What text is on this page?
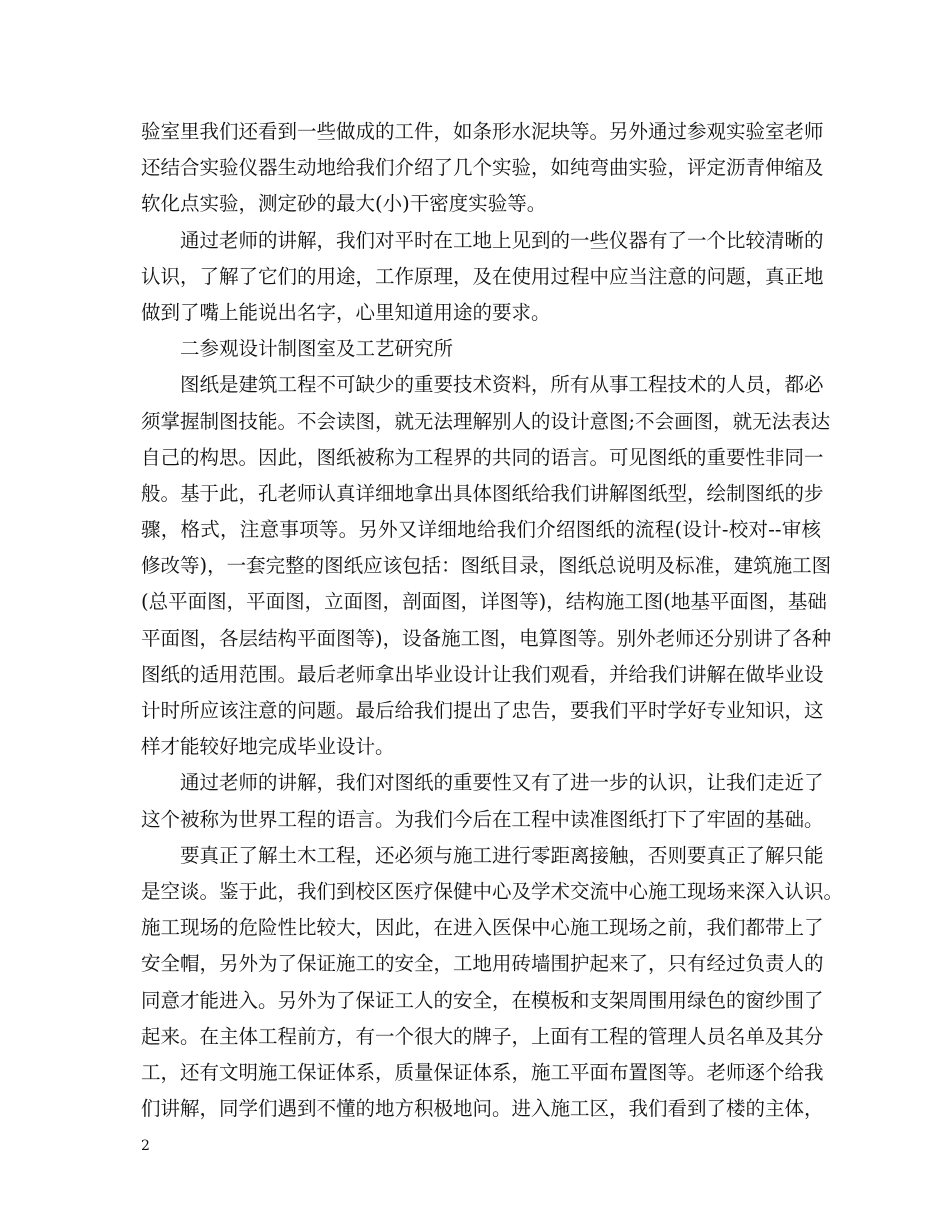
验室里我们还看到一些做成的工件，如条形水泥块等。另外通过参观实验室老师
还结合实验仪器生动地给我们介绍了几个实验，如纯弯曲实验，评定沥青伸缩及
软化点实验，测定砂的最大(小)干密度实验等。
通过老师的讲解，我们对平时在工地上见到的一些仪器有了一个比较清晰的
认识，了解了它们的用途，工作原理，及在使用过程中应当注意的问题，真正地
做到了嘴上能说出名字，心里知道用途的要求。
二参观设计制图室及工艺研究所
图纸是建筑工程不可缺少的重要技术资料，所有从事工程技术的人员，都必
须掌握制图技能。不会读图，就无法理解别人的设计意图;不会画图，就无法表达
自己的构思。因此，图纸被称为工程界的共同的语言。可见图纸的重要性非同一
般。基于此，孔老师认真详细地拿出具体图纸给我们讲解图纸型，绘制图纸的步
骤，格式，注意事项等。另外又详细地给我们介绍图纸的流程(设计-校对--审核
修改等)，一套完整的图纸应该包括：图纸目录，图纸总说明及标准，建筑施工图
(总平面图，平面图，立面图，剖面图，详图等)，结构施工图(地基平面图，基础
平面图，各层结构平面图等)，设备施工图，电算图等。别外老师还分别讲了各种
图纸的适用范围。最后老师拿出毕业设计让我们观看，并给我们讲解在做毕业设
计时所应该注意的问题。最后给我们提出了忠告，要我们平时学好专业知识，这
样才能较好地完成毕业设计。
通过老师的讲解，我们对图纸的重要性又有了进一步的认识，让我们走近了
这个被称为世界工程的语言。为我们今后在工程中读准图纸打下了牢固的基础。
要真正了解土木工程，还必须与施工进行零距离接触，否则要真正了解只能
是空谈。鉴于此，我们到校区医疗保健中心及学术交流中心施工现场来深入认识。
施工现场的危险性比较大，因此，在进入医保中心施工现场之前，我们都带上了
安全帽，另外为了保证施工的安全，工地用砖墙围护起来了，只有经过负责人的
同意才能进入。另外为了保证工人的安全，在模板和支架周围用绿色的窗纱围了
起来。在主体工程前方，有一个很大的牌子，上面有工程的管理人员名单及其分
工，还有文明施工保证体系，质量保证体系，施工平面布置图等。老师逐个给我
们讲解，同学们遇到不懂的地方积极地问。进入施工区，我们看到了楼的主体，
2
